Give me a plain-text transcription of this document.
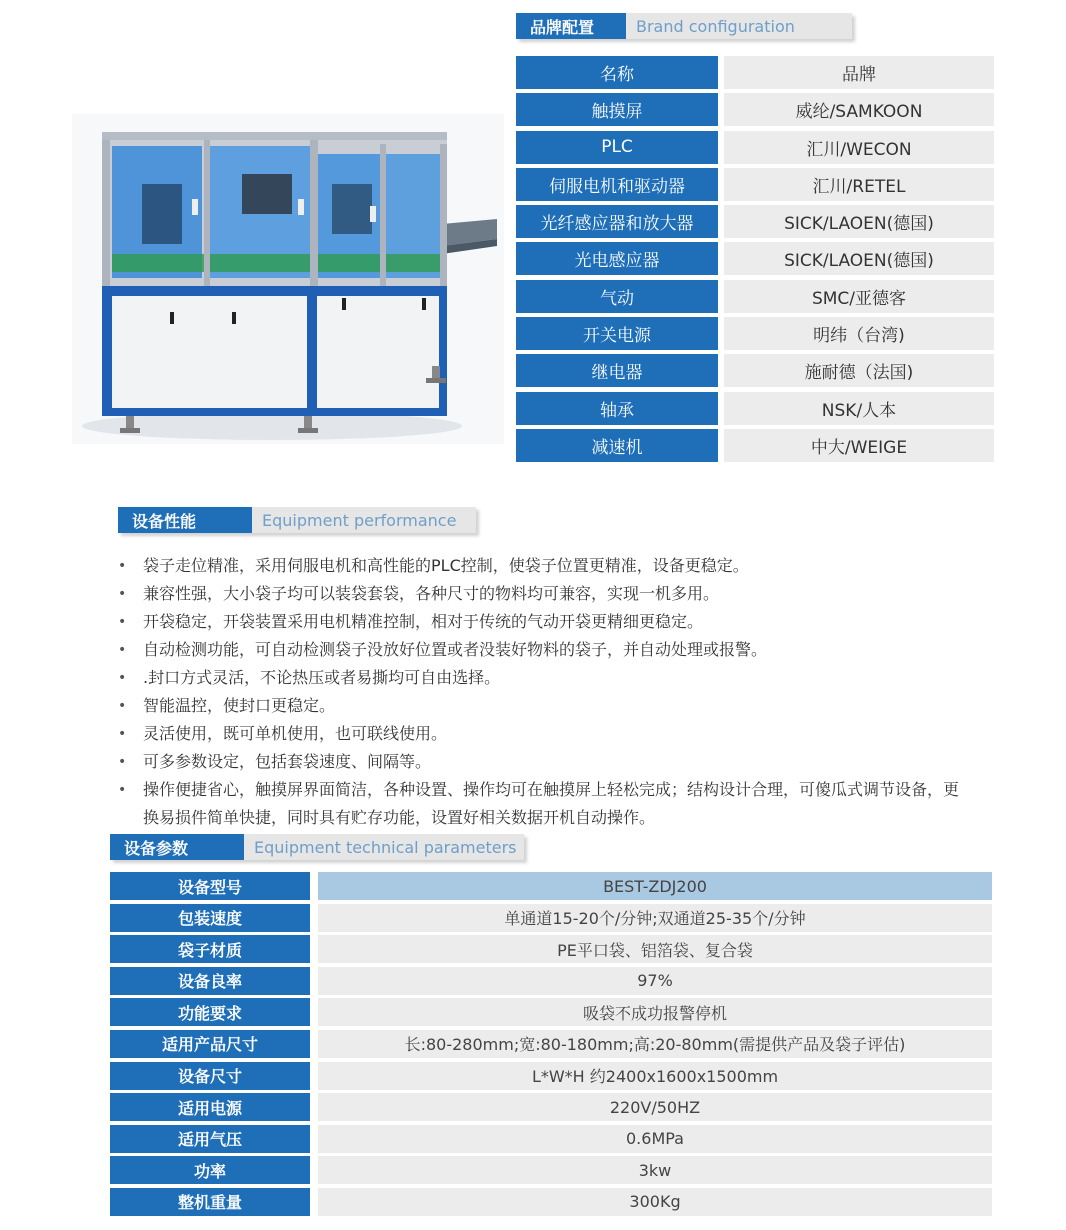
品牌配置	Brand configuration
名称	品牌
触摸屏	威纶/SAMKOON
PLC	汇川/WECON
伺服电机和驱动器	汇川/RETEL
光纤感应器和放大器	SICK/LAOEN(德国)
光电感应器	SICK/LAOEN(德国)
气动	SMC/亚德客
开关电源	明纬（台湾)
继电器	施耐德（法国)
轴承	NSK/人本
减速机	中大/WEIGE
设备性能	Equipment performance
• 袋子走位精准，采用伺服电机和高性能的PLC控制，使袋子位置更精准，设备更稳定。
• 兼容性强，大小袋子均可以装袋套袋，各种尺寸的物料均可兼容，实现一机多用。
• 开袋稳定，开袋装置采用电机精准控制，相对于传统的气动开袋更精细更稳定。
• 自动检测功能，可自动检测袋子没放好位置或者没装好物料的袋子，并自动处理或报警。
• .封口方式灵活，不论热压或者易撕均可自由选择。
• 智能温控，使封口更稳定。
• 灵活使用，既可单机使用，也可联线使用。
• 可多参数设定，包括套袋速度、间隔等。
• 操作便捷省心，触摸屏界面简洁，各种设置、操作均可在触摸屏上轻松完成；结构设计合理，可傻瓜式调节设备，更换易损件简单快捷，同时具有贮存功能，设置好相关数据开机自动操作。
设备参数	Equipment technical parameters
设备型号	BEST-ZDJ200
包装速度	单通道15-20个/分钟;双通道25-35个/分钟
袋子材质	PE平口袋、铝箔袋、复合袋
设备良率	97%
功能要求	吸袋不成功报警停机
适用产品尺寸	长:80-280mm;宽:80-180mm;高:20-80mm(需提供产品及袋子评估)
设备尺寸	L*W*H 约2400x1600x1500mm
适用电源	220V/50HZ
适用气压	0.6MPa
功率	3kw
整机重量	300Kg
